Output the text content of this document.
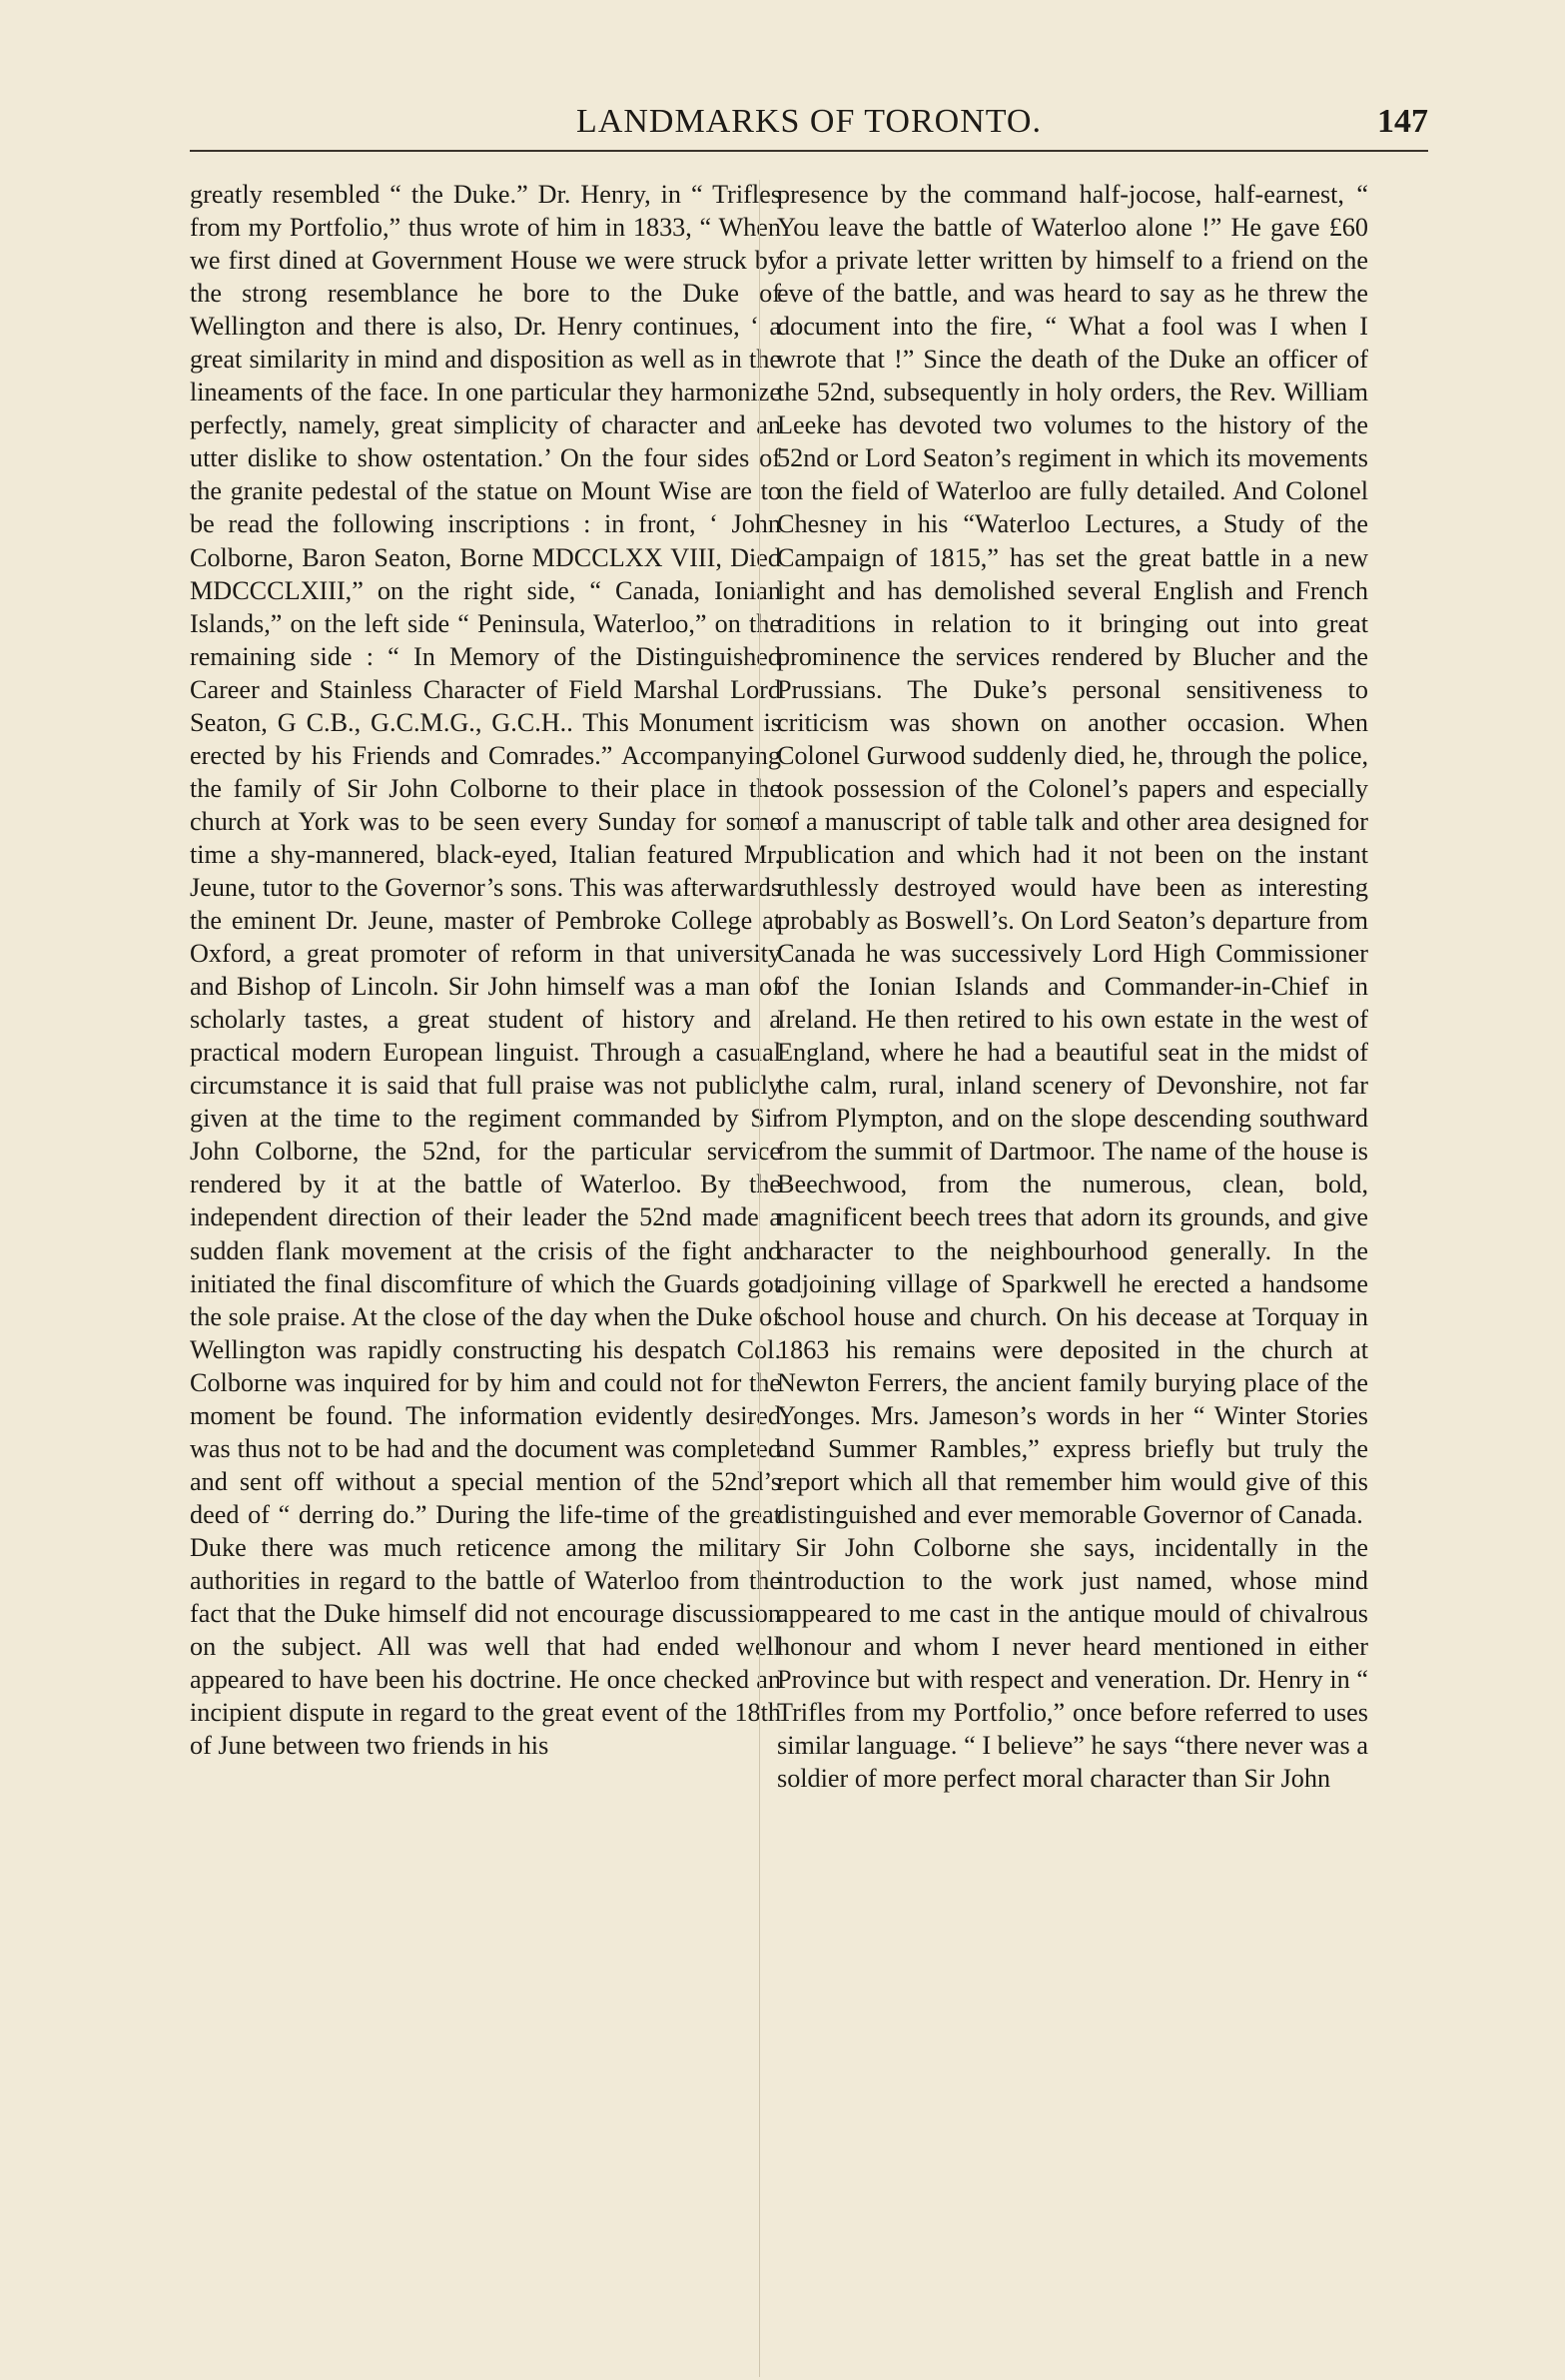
LANDMARKS OF TORONTO.	147

greatly resembled “ the Duke.” Dr. Henry, in “ Trifles from my Portfolio,” thus wrote of him in 1833, “ When we first dined at Government House we were struck by the strong resemblance he bore to the Duke of Wellington and there is also, Dr. Henry continues, ‘ a great similarity in mind and disposition as well as in the lineaments of the face. In one particular they harmonize perfectly, namely, great simplicity of character and an utter dislike to show ostentation.’ On the four sides of the granite pedestal of the statue on Mount Wise are to be read the following inscriptions : in front, ‘ John Colborne, Baron Seaton, Borne MDCCLXX VIII, Died MDCCCLXIII,” on the right side, “ Canada, Ionian Islands,” on the left side “ Peninsula, Waterloo,” on the remaining side : “ In Memory of the Distinguished Career and Stainless Character of Field Marshal Lord Seaton, G C.B., G.C.M.G., G.C.H.. This Monument is erected by his Friends and Comrades.” Accompanying the family of Sir John Colborne to their place in the church at York was to be seen every Sunday for some time a shy-mannered, black-eyed, Italian featured Mr. Jeune, tutor to the Governor’s sons. This was afterwards the eminent Dr. Jeune, master of Pembroke College at Oxford, a great promoter of reform in that university and Bishop of Lincoln. Sir John himself was a man of scholarly tastes, a great student of history and a practical modern European linguist. Through a casual circumstance it is said that full praise was not publicly given at the time to the regiment commanded by Sir John Colborne, the 52nd, for the particular service rendered by it at the battle of Waterloo. By the independent direction of their leader the 52nd made a sudden flank movement at the crisis of the fight and initiated the final discomfiture of which the Guards got the sole praise. At the close of the day when the Duke of Wellington was rapidly constructing his despatch Col. Colborne was inquired for by him and could not for the moment be found. The information evidently desired was thus not to be had and the document was completed and sent off without a special mention of the 52nd’s deed of “ derring do.” During the life-time of the great Duke there was much reticence among the military authorities in regard to the battle of Waterloo from the fact that the Duke himself did not encourage discussion on the subject. All was well that had ended well appeared to have been his doctrine. He once checked an incipient dispute in regard to the great event of the 18th of June between two friends in his

presence by the command half-jocose, half-earnest, “ You leave the battle of Waterloo alone !” He gave £60 for a private letter written by himself to a friend on the eve of the battle, and was heard to say as he threw the document into the fire, “ What a fool was I when I wrote that !” Since the death of the Duke an officer of the 52nd, subsequently in holy orders, the Rev. William Leeke has devoted two volumes to the history of the 52nd or Lord Seaton’s regiment in which its movements on the field of Waterloo are fully detailed. And Colonel Chesney in his “Waterloo Lectures, a Study of the Campaign of 1815,” has set the great battle in a new light and has demolished several English and French traditions in relation to it bringing out into great prominence the services rendered by Blucher and the Prussians. The Duke’s personal sensitiveness to criticism was shown on another occasion. When Colonel Gurwood suddenly died, he, through the police, took possession of the Colonel’s papers and especially of a manuscript of table talk and other area designed for publication and which had it not been on the instant ruthlessly destroyed would have been as interesting probably as Boswell’s. On Lord Seaton’s departure from Canada he was successively Lord High Commissioner of the Ionian Islands and Commander-in-Chief in Ireland. He then retired to his own estate in the west of England, where he had a beautiful seat in the midst of the calm, rural, inland scenery of Devonshire, not far from Plympton, and on the slope descending southward from the summit of Dartmoor. The name of the house is Beechwood, from the numerous, clean, bold, magnificent beech trees that adorn its grounds, and give character to the neighbourhood generally. In the adjoining village of Sparkwell he erected a handsome school house and church. On his decease at Torquay in 1863 his remains were deposited in the church at Newton Ferrers, the ancient family burying place of the Yonges. Mrs. Jameson’s words in her “ Winter Stories and Summer Rambles,” express briefly but truly the report which all that remember him would give of this distinguished and ever memorable Governor of Canada.

Sir John Colborne she says, incidentally in the introduction to the work just named, whose mind appeared to me cast in the antique mould of chivalrous honour and whom I never heard mentioned in either Province but with respect and veneration. Dr. Henry in “ Trifles from my Portfolio,” once before referred to uses similar language. “ I believe” he says “there never was a soldier of more perfect moral character than Sir John
